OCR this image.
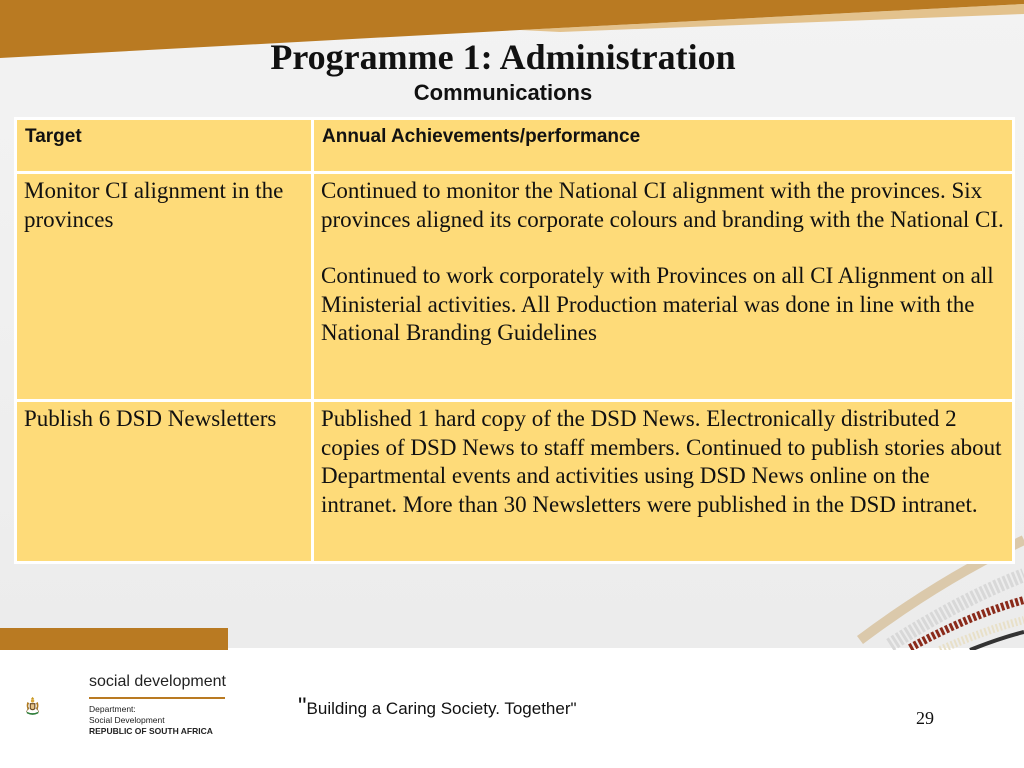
Programme 1: Administration
Communications
Target	Annual Achievements/performance
Monitor CI alignment in the provinces	Continued to monitor the National CI alignment with the provinces. Six provinces aligned its corporate colours and branding with the National CI.
Continued to work corporately with Provinces on all CI Alignment on all Ministerial activities. All Production material was done in line with the National Branding Guidelines

Publish 6 DSD Newsletters	Published 1 hard copy of the DSD News. Electronically distributed 2 copies of DSD News to staff members. Continued to publish stories about Departmental events and activities using DSD News online on the intranet. More than 30 Newsletters were published in the DSD intranet.
social development
Department:
Social Development
REPUBLIC OF SOUTH AFRICA
"Building a Caring Society. Together"	29
